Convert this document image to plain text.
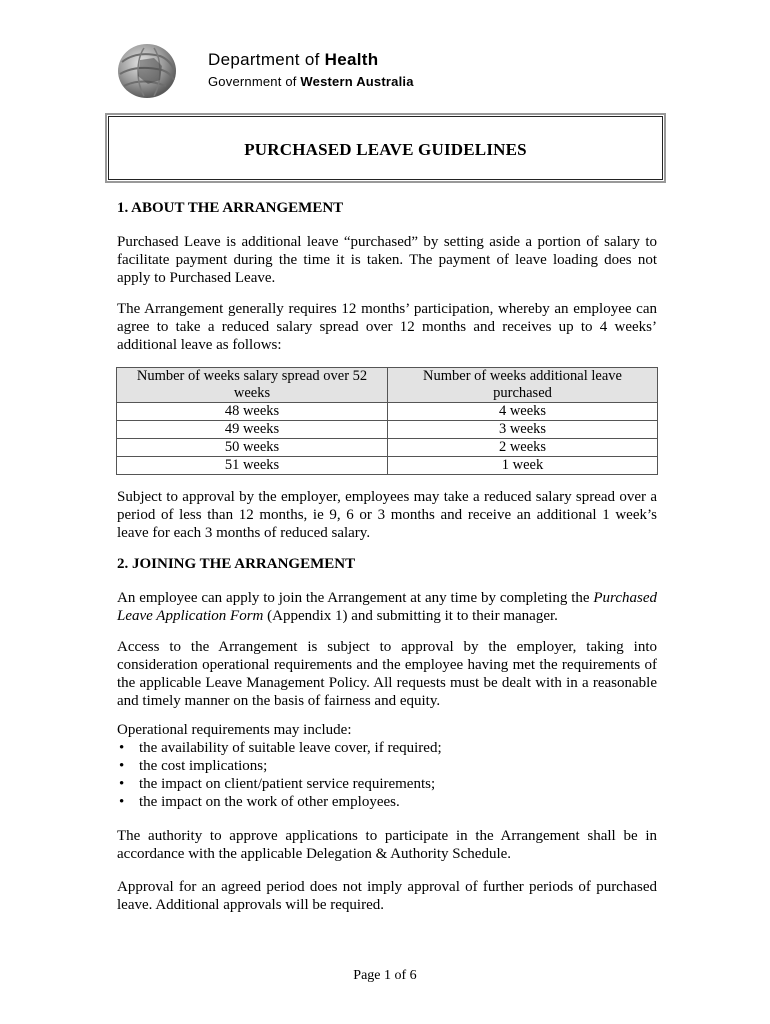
Department of Health
Government of Western Australia
PURCHASED LEAVE GUIDELINES
1. ABOUT THE ARRANGEMENT
Purchased Leave is additional leave “purchased” by setting aside a portion of salary to facilitate payment during the time it is taken. The payment of leave loading does not apply to Purchased Leave.
The Arrangement generally requires 12 months’ participation, whereby an employee can agree to take a reduced salary spread over 12 months and receives up to 4 weeks’ additional leave as follows:
Number of weeks salary spread over 52 weeks	Number of weeks additional leave purchased
48 weeks	4 weeks
49 weeks	3 weeks
50 weeks	2 weeks
51 weeks	1 week
Subject to approval by the employer, employees may take a reduced salary spread over a period of less than 12 months, ie 9, 6 or 3 months and receive an additional 1 week’s leave for each 3 months of reduced salary.
2. JOINING THE ARRANGEMENT
An employee can apply to join the Arrangement at any time by completing the Purchased Leave Application Form (Appendix 1) and submitting it to their manager.
Access to the Arrangement is subject to approval by the employer, taking into consideration operational requirements and the employee having met the requirements of the applicable Leave Management Policy. All requests must be dealt with in a reasonable and timely manner on the basis of fairness and equity.
Operational requirements may include:
• the availability of suitable leave cover, if required;
• the cost implications;
• the impact on client/patient service requirements;
• the impact on the work of other employees.
The authority to approve applications to participate in the Arrangement shall be in accordance with the applicable Delegation & Authority Schedule.
Approval for an agreed period does not imply approval of further periods of purchased leave. Additional approvals will be required.
Page 1 of 6
